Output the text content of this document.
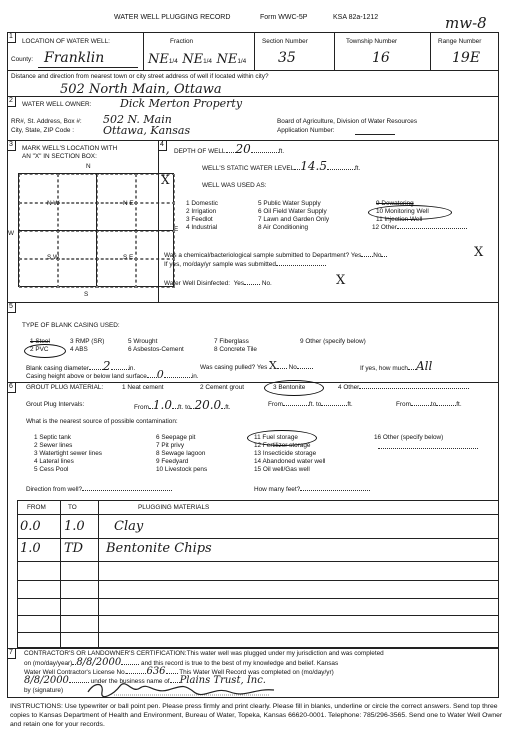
WATER WELL PLUGGING RECORD	Form WWC-5P	KSA 82a-1212	mw-8
1
LOCATION OF WATER WELL:
County: Franklin
Fraction
NE1/4 NE1/4 NE1/4
Section Number
35
Township Number
16
Range Number
19E
Distance and direction from nearest town or city street address of well if located within city?
502 North Main, Ottawa
2
WATER WELL OWNER:	Dick Merton Property
RR#, St. Address, Box #: 502 N. Main
City, State, ZIP Code :	Ottawa, Kansas
Board of Agriculture, Division of Water Resources
Application Number:
3
MARK WELL'S LOCATION WITH
AN "X" IN SECTION BOX:
N
W
E
S
N W	N E
S W	S E
X
4
DEPTH OF WELL 20	ft.
WELL'S STATIC WATER LEVEL 14.5	ft.
WELL WAS USED AS:
1 Domestic	5 Public Water Supply	9 Dewatering
2 Irrigation	6 Oil Field Water Supply	10 Monitoring Well
3 Feedlot	7 Lawn and Garden Only	11 Injection Well
4 Industrial	8 Air Conditioning	12 Other
Was a chemical/bacteriological sample submitted to Department? Yes No	X
If yes, mo/day/yr sample was submitted
Water Well Disinfected: Yes	No.	X
5
TYPE OF BLANK CASING USED:
1 Steel	3 RMP (SR)	5 Wrought	7 Fiberglass	9 Other (specify below)
2 PVC	4 ABS	6 Asbestos-Cement	8 Concrete Tile
Blank casing diameter 2	in.	Was casing pulled? Yes X No	If yes, how much All
Casing height above or below land surface 0	in.
6	GROUT PLUG MATERIAL:	1 Neat cement	2 Cement grout	3 Bentonite	4 Other
Grout Plug Intervals:	From 1.0 ft. to 20.0 ft.	From	ft. to	ft.	From	to	ft.
What is the nearest source of possible contamination:
1 Septic tank	6 Seepage pit	11 Fuel storage	16 Other (specify below)
2 Sewer lines	7 Pit privy	12 Fertilizer storage
3 Watertight sewer lines	8 Sewage lagoon	13 Insecticide storage
4 Lateral lines	9 Feedyard	14 Abandoned water well
5 Cess Pool	10 Livestock pens	15 Oil well/Gas well
Direction from well?	How many feet?
FROM	TO	PLUGGING MATERIALS
0.0 1.0 Clay
1.0 TD Bentonite Chips
7	CONTRACTOR'S OR LANDOWNER'S CERTIFICATION:This water well was plugged under my jurisdiction and was completed
on (mo/day/year) 8/8/2000	and this record is true to the best of my knowledge and belief. Kansas
Water Well Contractor's License No. 636 This Water Well Record was completed on (mo/day/yr)
8/8/2000	under the business name of Plains Trust, Inc.
by (signature)
INSTRUCTIONS: Use typewriter or ball point pen. Please press firmly and print clearly. Please fill in blanks, underline or circle the correct answers. Send top three copies to Kansas Department of Health and Environment, Bureau of Water, Topeka, Kansas 66620-0001. Telephone: 785/296-3565. Send one to Water Well Owner and retain one for your records.
